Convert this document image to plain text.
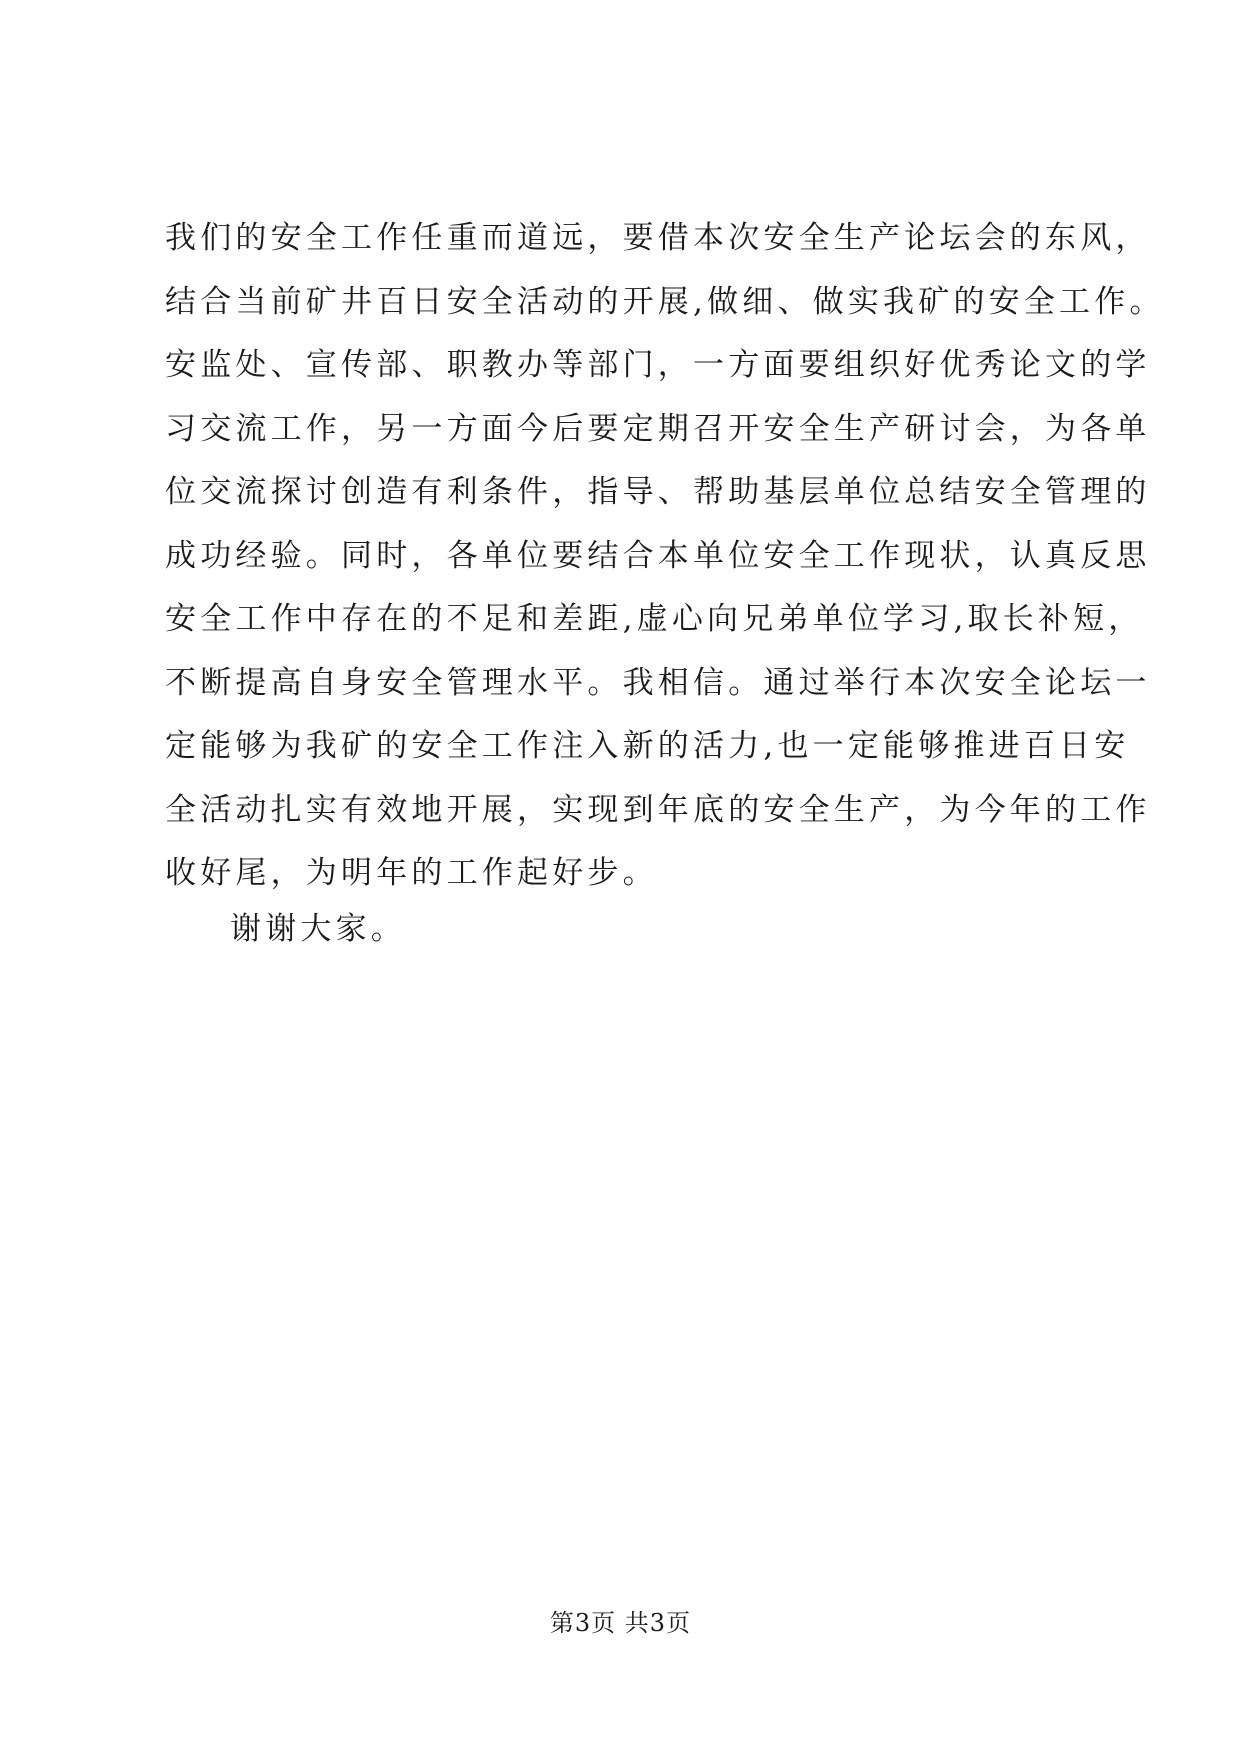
我们的安全工作任重而道远，要借本次安全生产论坛会的东风，
结合当前矿井百日安全活动的开展,做细、做实我矿的安全工作。
安监处、宣传部、职教办等部门，一方面要组织好优秀论文的学
习交流工作，另一方面今后要定期召开安全生产研讨会，为各单
位交流探讨创造有利条件，指导、帮助基层单位总结安全管理的
成功经验。同时，各单位要结合本单位安全工作现状，认真反思
安全工作中存在的不足和差距,虚心向兄弟单位学习,取长补短，
不断提高自身安全管理水平。我相信。通过举行本次安全论坛一
定能够为我矿的安全工作注入新的活力,也一定能够推进百日安
全活动扎实有效地开展，实现到年底的安全生产，为今年的工作
收好尾，为明年的工作起好步。
谢谢大家。
第3页 共3页
